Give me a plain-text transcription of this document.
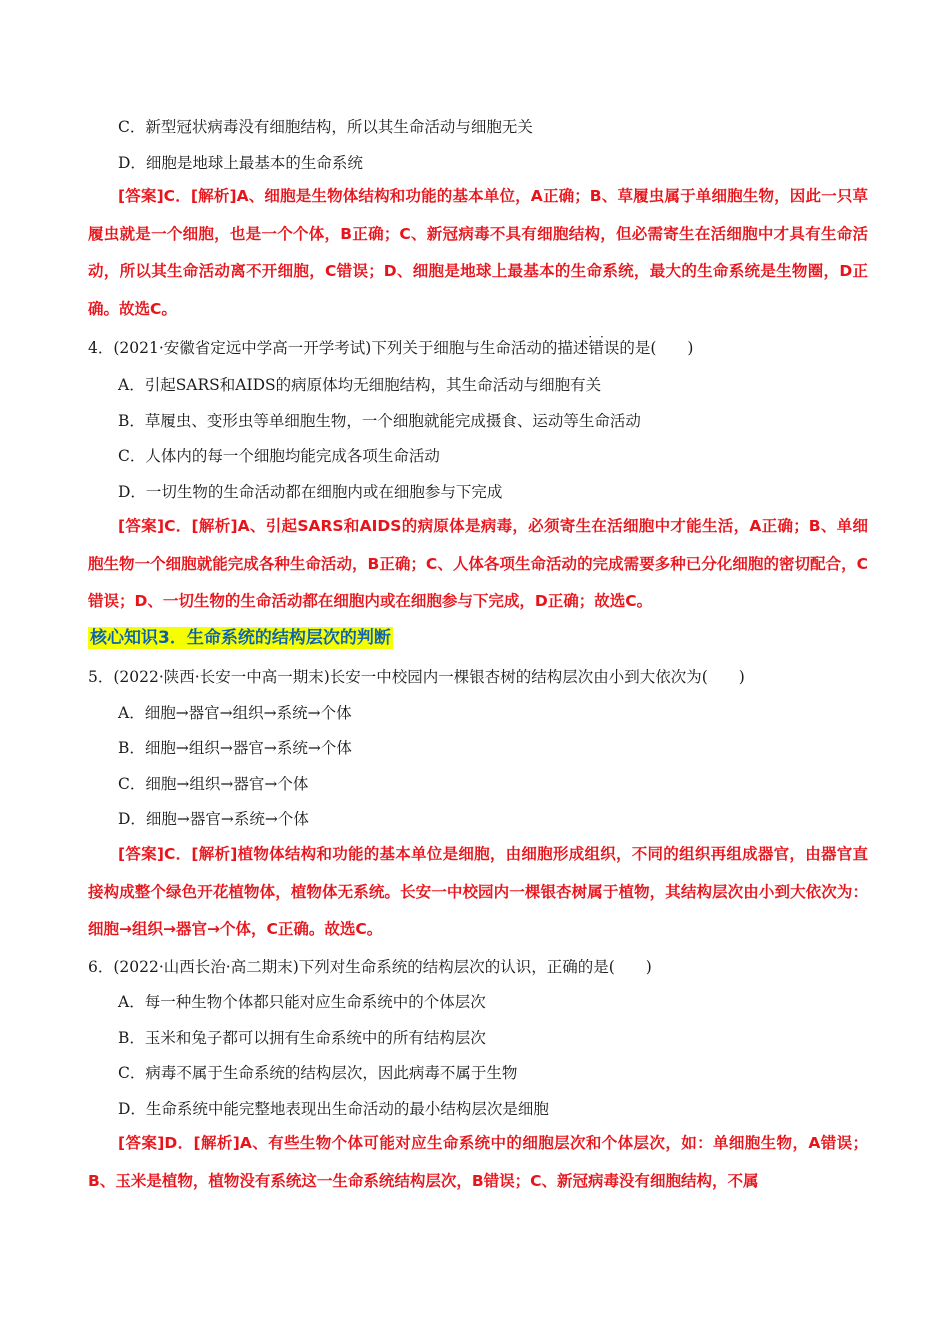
C．新型冠状病毒没有细胞结构，所以其生命活动与细胞无关
D．细胞是地球上最基本的生命系统
[答案]C．[解析]A、细胞是生物体结构和功能的基本单位，A正确；B、草履虫属于单细胞生物，因此一只草履虫就是一个细胞，也是一个个体，B正确；C、新冠病毒不具有细胞结构，但必需寄生在活细胞中才具有生命活动，所以其生命活动离不开细胞，C错误；D、细胞是地球上最基本的生命系统，最大的生命系统是生物圈，D正确。故选C。
4．(2021·安徽省定远中学高一开学考试)下列关于细胞与生命活动的描述· · 错误的是(　　)
A．引起SARS和AIDS的病原体均无细胞结构，其生命活动与细胞有关
B．草履虫、变形虫等单细胞生物，一个细胞就能完成摄食、运动等生命活动
C．人体内的每一个细胞均能完成各项生命活动
D．一切生物的生命活动都在细胞内或在细胞参与下完成
[答案]C．[解析]A、引起SARS和AIDS的病原体是病毒，必须寄生在活细胞中才能生活，A正确；B、单细胞生物一个细胞就能完成各种生命活动，B正确；C、人体各项生命活动的完成需要多种已分化细胞的密切配合，C错误；D、一切生物的生命活动都在细胞内或在细胞参与下完成，D正确；故选C。
核心知识3．生命系统的结构层次的判断
5．(2022·陕西·长安一中高一期末)长安一中校园内一棵银杏树的结构层次由小到大依次为(　　)
A．细胞→器官→组织→系统→个体
B．细胞→组织→器官→系统→个体
C．细胞→组织→器官→个体
D．细胞→器官→系统→个体
[答案]C．[解析]植物体结构和功能的基本单位是细胞，由细胞形成组织，不同的组织再组成器官，由器官直接构成整个绿色开花植物体，植物体无系统。长安一中校园内一棵银杏树属于植物，其结构层次由小到大依次为：细胞→组织→器官→个体，C正确。故选C。
6．(2022·山西长治·高二期末)下列对生命系统的结构层次的认识，正确的是(　　)
A．每一种生物个体都只能对应生命系统中的个体层次
B．玉米和兔子都可以拥有生命系统中的所有结构层次
C．病毒不属于生命系统的结构层次，因此病毒不属于生物
D．生命系统中能完整地表现出生命活动的最小结构层次是细胞
[答案]D．[解析]A、有些生物个体可能对应生命系统中的细胞层次和个体层次，如：单细胞生物，A错误；B、玉米是植物，植物没有系统这一生命系统结构层次，B错误；C、新冠病毒没有细胞结构，不属
